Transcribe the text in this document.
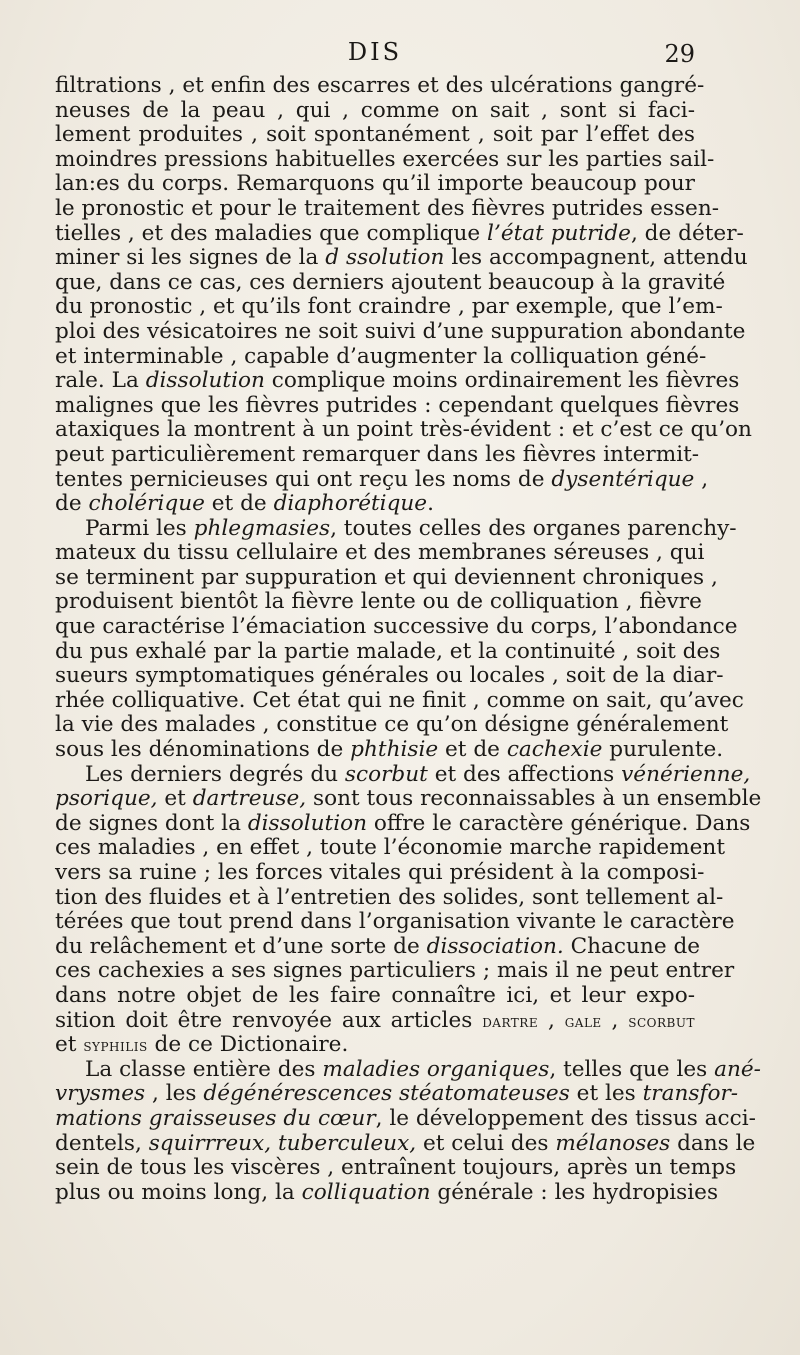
DIS	29
filtrations , et enfin des escarres et des ulcérations gangré-
neuses de la peau , qui , comme on sait , sont si faci-
lement produites , soit spontanément , soit par l’effet des
moindres pressions habituelles exercées sur les parties sail-
lan:es du corps. Remarquons qu’il importe beaucoup pour
le pronostic et pour le traitement des fièvres putrides essen-
tielles , et des maladies que complique l’état putride, de déter-
miner si les signes de la d ssolution les accompagnent, attendu
que, dans ce cas, ces derniers ajoutent beaucoup à la gravité
du pronostic , et qu’ils font craindre , par exemple, que l’em-
ploi des vésicatoires ne soit suivi d’une suppuration abondante
et interminable , capable d’augmenter la colliquation géné-
rale. La dissolution complique moins ordinairement les fièvres
malignes que les fièvres putrides : cependant quelques fièvres
ataxiques la montrent à un point très-évident : et c’est ce qu’on
peut particulièrement remarquer dans les fièvres intermit-
tentes pernicieuses qui ont reçu les noms de dysentérique ,
de cholérique et de diaphorétique.
Parmi les phlegmasies, toutes celles des organes parenchy-
mateux du tissu cellulaire et des membranes séreuses , qui
se terminent par suppuration et qui deviennent chroniques ,
produisent bientôt la fièvre lente ou de colliquation , fièvre
que caractérise l’émaciation successive du corps, l’abondance
du pus exhalé par la partie malade, et la continuité , soit des
sueurs symptomatiques générales ou locales , soit de la diar-
rhée colliquative. Cet état qui ne finit , comme on sait, qu’avec
la vie des malades , constitue ce qu’on désigne généralement
sous les dénominations de phthisie et de cachexie purulente.
Les derniers degrés du scorbut et des affections vénérienne,
psorique, et dartreuse, sont tous reconnaissables à un ensemble
de signes dont la dissolution offre le caractère générique. Dans
ces maladies , en effet , toute l’économie marche rapidement
vers sa ruine ; les forces vitales qui président à la composi-
tion des fluides et à l’entretien des solides, sont tellement al-
térées que tout prend dans l’organisation vivante le caractère
du relâchement et d’une sorte de dissociation. Chacune de
ces cachexies a ses signes particuliers ; mais il ne peut entrer
dans notre objet de les faire connaître ici, et leur expo-
sition doit être renvoyée aux articles dartre , gale , scorbut
et syphilis de ce Dictionaire.
La classe entière des maladies organiques, telles que les ané-
vrysmes , les dégénérescences stéatomateuses et les transfor-
mations graisseuses du cœur, le développement des tissus acci-
dentels, squirrreux, tuberculeux, et celui des mélanoses dans le
sein de tous les viscères , entraînent toujours, après un temps
plus ou moins long, la colliquation générale : les hydropisies
